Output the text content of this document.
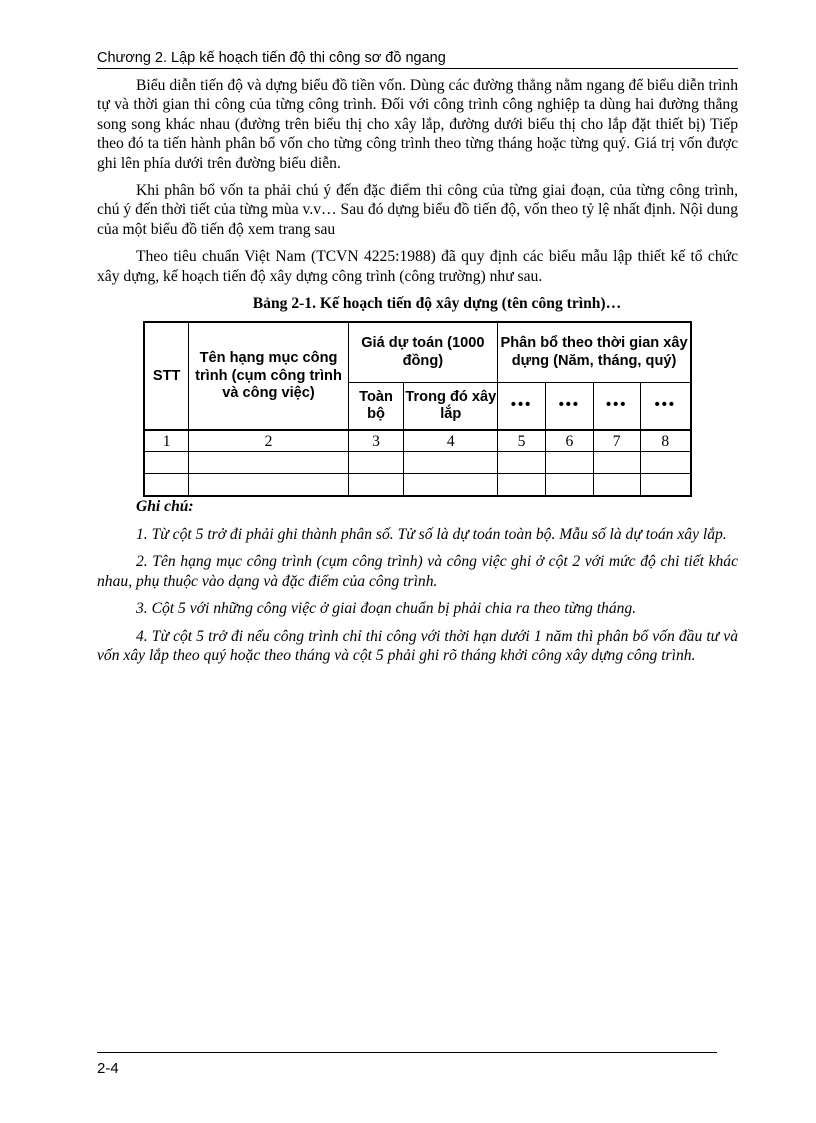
Chương 2. Lập kế hoạch tiến độ thi công sơ đồ ngang

Biểu diễn tiến độ và dựng biểu đồ tiền vốn. Dùng các đường thẳng nằm ngang để biểu diễn trình tự và thời gian thi công của từng công trình. Đối với công trình công nghiệp ta dùng hai đường thẳng song song khác nhau (đường trên biểu thị cho xây lắp, đường dưới biểu thị cho lắp đặt thiết bị) Tiếp theo đó ta tiến hành phân bổ vốn cho từng công trình theo từng tháng hoặc từng quý. Giá trị vốn được ghi lên phía dưới trên đường biểu diễn.

Khi phân bổ vốn ta phải chú ý đến đặc điểm thi công của từng giai đoạn, của từng công trình, chú ý đến thời tiết của từng mùa v.v… Sau đó dựng biểu đồ tiến độ, vốn theo tỷ lệ nhất định. Nội dung của một biểu đồ tiến độ xem trang sau

Theo tiêu chuẩn Việt Nam (TCVN 4225:1988) đã quy định các biểu mẫu lập thiết kế tổ chức xây dựng, kế hoạch tiến độ xây dựng công trình (công trường) như sau.

Bảng 2-1. Kế hoạch tiến độ xây dựng (tên công trình)…

STT	Tên hạng mục công trình (cụm công trình và công việc)	Giá dự toán (1000 đồng)		Phân bổ theo thời gian xây dựng (Năm, tháng, quý)			
		Toàn bộ	Trong đó xây lắp	•••	•••	•••	•••
1	2	3	4	5	6	7	8

Ghi chú:

1. Từ cột 5 trở đi phải ghi thành phân số. Tử số là dự toán toàn bộ. Mẫu số là dự toán xây lắp.

2. Tên hạng mục công trình (cụm công trình) và công việc ghi ở cột 2 với mức độ chi tiết khác nhau, phụ thuộc vào dạng và đặc điểm của công trình.

3. Cột 5 với những công việc ở giai đoạn chuẩn bị phải chia ra theo từng tháng.

4. Từ cột 5 trở đi nếu công trình chỉ thi công với thời hạn dưới 1 năm thì phân bổ vốn đầu tư và vốn xây lắp theo quý hoặc theo tháng và cột 5 phải ghi rõ tháng khởi công xây dựng công trình.

2-4
